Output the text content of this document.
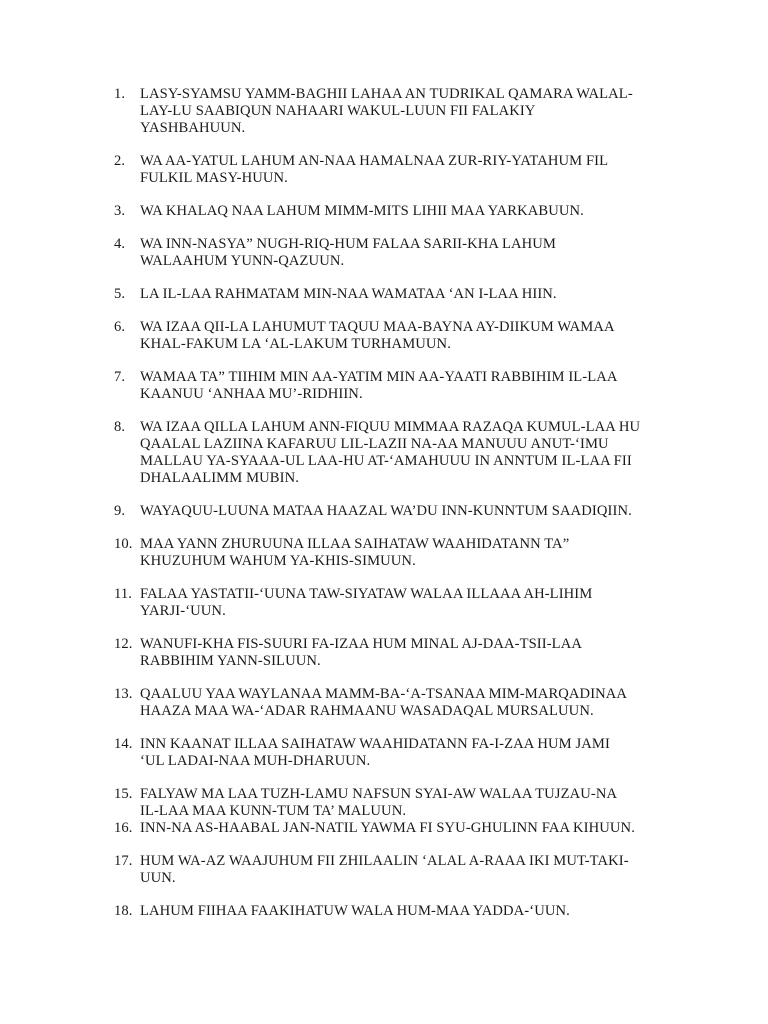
1.	LASY-SYAMSU YAMM-BAGHII LAHAA AN TUDRIKAL QAMARA WALAL-
LAY-LU SAABIQUN NAHAARI WAKUL-LUUN FII FALAKIY
YASHBAHUUN.
2.	WA AA-YATUL LAHUM AN-NAA HAMALNAA ZUR-RIY-YATAHUM FIL
FULKIL MASY-HUUN.
3.	WA KHALAQ NAA LAHUM MIMM-MITS LIHII MAA YARKABUUN.
4.	WA INN-NASYA” NUGH-RIQ-HUM FALAA SARII-KHA LAHUM
WALAAHUM YUNN-QAZUUN.
5.	LA IL-LAA RAHMATAM MIN-NAA WAMATAA ‘AN I-LAA HIIN.
6.	WA IZAA QII-LA LAHUMUT TAQUU MAA-BAYNA AY-DIIKUM WAMAA
KHAL-FAKUM LA ‘AL-LAKUM TURHAMUUN.
7.	WAMAA TA” TIIHIM MIN AA-YATIM MIN AA-YAATI RABBIHIM IL-LAA
KAANUU ‘ANHAA MU’-RIDHIIN.
8.	WA IZAA QILLA LAHUM ANN-FIQUU MIMMAA RAZAQA KUMUL-LAA HU
QAALAL LAZIINA KAFARUU LIL-LAZII NA-AA MANUUU ANUT-‘IMU
MALLAU YA-SYAAA-UL LAA-HU AT-‘AMAHUUU IN ANNTUM IL-LAA FII
DHALAALIMM MUBIN.
9.	WAYAQUU-LUUNA MATAA HAAZAL WA’DU INN-KUNNTUM SAADIQIIN.
10. MAA YANN ZHURUUNA ILLAA SAIHATAW WAAHIDATANN TA”
KHUZUHUM WAHUM YA-KHIS-SIMUUN.
11. FALAA YASTATII-‘UUNA TAW-SIYATAW WALAA ILLAAA AH-LIHIM
YARJI-‘UUN.
12. WANUFI-KHA FIS-SUURI FA-IZAA HUM MINAL AJ-DAA-TSII-LAA
RABBIHIM YANN-SILUUN.
13. QAALUU YAA WAYLANAA MAMM-BA-‘A-TSANAA MIM-MARQADINAA
HAAZA MAA WA-‘ADAR RAHMAANU WASADAQAL MURSALUUN.
14. INN KAANAT ILLAA SAIHATAW WAAHIDATANN FA-I-ZAA HUM JAMI
‘UL LADAI-NAA MUH-DHARUUN.
15. FALYAW MA LAA TUZH-LAMU NAFSUN SYAI-AW WALAA TUJZAU-NA
IL-LAA MAA KUNN-TUM TA’ MALUUN.
16. INN-NA AS-HAABAL JAN-NATIL YAWMA FI SYU-GHULINN FAA KIHUUN.
17. HUM WA-AZ WAAJUHUM FII ZHILAALIN ‘ALAL A-RAAA IKI MUT-TAKI-
UUN.
18. LAHUM FIIHAA FAAKIHATUW WALA HUM-MAA YADDA-‘UUN.
